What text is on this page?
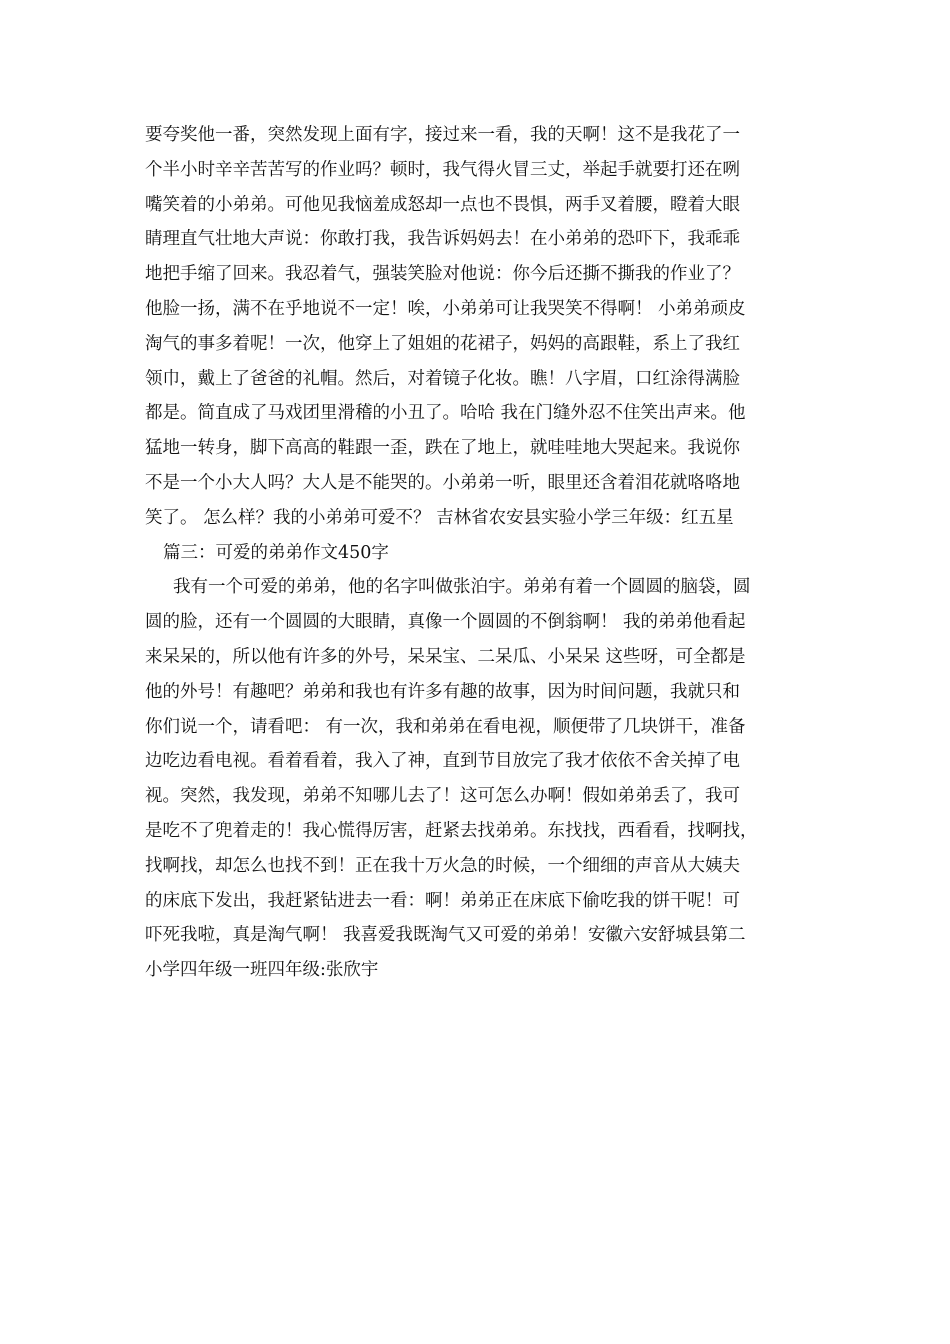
要夸奖他一番，突然发现上面有字，接过来一看，我的天啊！这不是我花了一
个半小时辛辛苦苦写的作业吗？顿时，我气得火冒三丈，举起手就要打还在咧
嘴笑着的小弟弟。可他见我恼羞成怒却一点也不畏惧，两手叉着腰，瞪着大眼
睛理直气壮地大声说：你敢打我，我告诉妈妈去！在小弟弟的恐吓下，我乖乖
地把手缩了回来。我忍着气，强装笑脸对他说：你今后还撕不撕我的作业了？
他脸一扬，满不在乎地说不一定！唉，小弟弟可让我哭笑不得啊！ 小弟弟顽皮
淘气的事多着呢！一次，他穿上了姐姐的花裙子，妈妈的高跟鞋，系上了我红
领巾，戴上了爸爸的礼帽。然后，对着镜子化妆。瞧！八字眉，口红涂得满脸
都是。简直成了马戏团里滑稽的小丑了。哈哈 我在门缝外忍不住笑出声来。他
猛地一转身，脚下高高的鞋跟一歪，跌在了地上，就哇哇地大哭起来。我说你
不是一个小大人吗？大人是不能哭的。小弟弟一听，眼里还含着泪花就咯咯地
笑了。 怎么样？我的小弟弟可爱不？ 吉林省农安县实验小学三年级：红五星
篇三：可爱的弟弟作文450字
我有一个可爱的弟弟，他的名字叫做张泊宇。弟弟有着一个圆圆的脑袋，圆
圆的脸，还有一个圆圆的大眼睛，真像一个圆圆的不倒翁啊！ 我的弟弟他看起
来呆呆的，所以他有许多的外号，呆呆宝、二呆瓜、小呆呆 这些呀，可全都是
他的外号！有趣吧？弟弟和我也有许多有趣的故事，因为时间问题，我就只和
你们说一个，请看吧： 有一次，我和弟弟在看电视，顺便带了几块饼干，准备
边吃边看电视。看着看着，我入了神，直到节目放完了我才依依不舍关掉了电
视。突然，我发现，弟弟不知哪儿去了！这可怎么办啊！假如弟弟丢了，我可
是吃不了兜着走的！我心慌得厉害，赶紧去找弟弟。东找找，西看看，找啊找，
找啊找，却怎么也找不到！正在我十万火急的时候，一个细细的声音从大姨夫
的床底下发出，我赶紧钻进去一看：啊！弟弟正在床底下偷吃我的饼干呢！可
吓死我啦，真是淘气啊！ 我喜爱我既淘气又可爱的弟弟！安徽六安舒城县第二
小学四年级一班四年级:张欣宇
